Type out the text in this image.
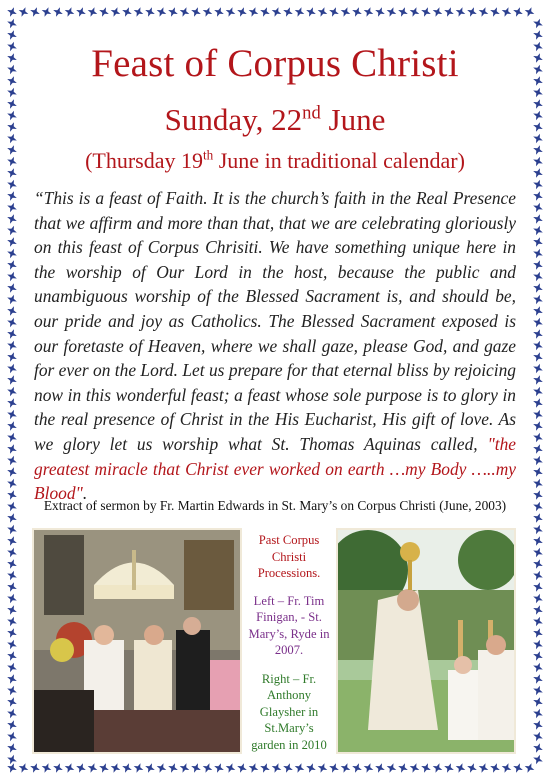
Feast of Corpus Christi
Sunday, 22nd June
(Thursday 19th June in traditional calendar)
“This is a feast of Faith. It is the church’s faith in the Real Presence that we affirm and more than that, that we are celebrating gloriously on this feast of Corpus Chrisiti. We have something unique here in the worship of Our Lord in the host, because the public and unambiguous worship of the Blessed Sacrament is, and should be, our pride and joy as Catholics. The Blessed Sacrament exposed is our foretaste of Heaven, where we shall gaze, please God, and gaze for ever on the Lord. Let us prepare for that eternal bliss by rejoicing now in this wonderful feast; a feast whose sole purpose is to glory in the real presence of Christ in the His Eucharist, His gift of love. As we glory let us worship what St. Thomas Aquinas called, "the greatest miracle that Christ ever worked on earth …my Body …..my Blood".
Extract of sermon by Fr. Martin Edwards in St. Mary’s on Corpus Christi (June, 2003)
Past Corpus Christi Processions.
Left – Fr. Tim Finigan, - St. Mary’s, Ryde in 2007.
Right – Fr. Anthony Glaysher in St.Mary’s garden in 2010
